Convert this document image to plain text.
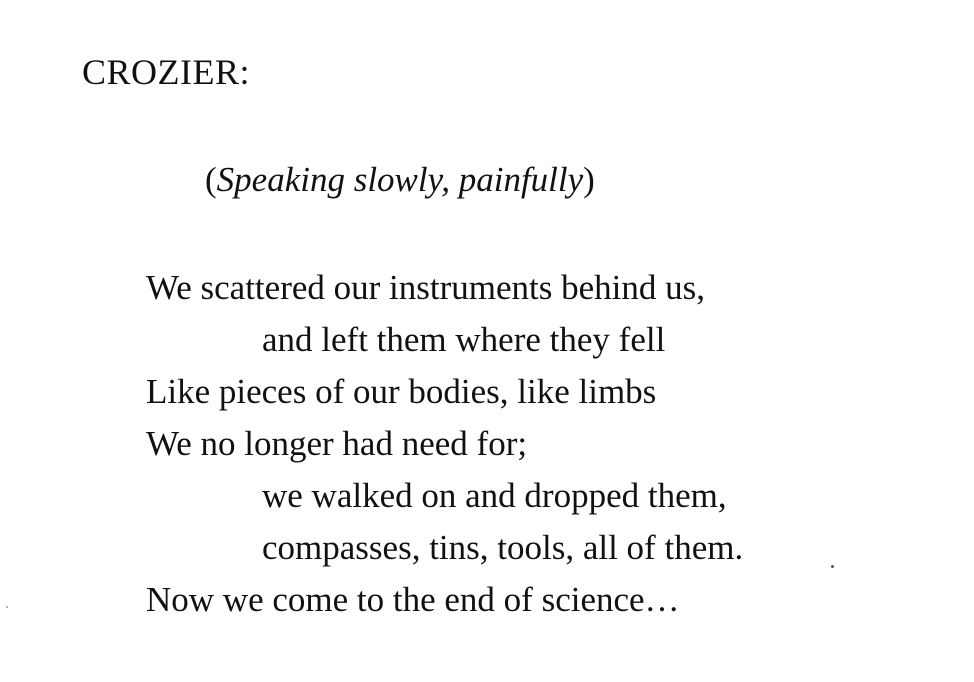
CROZIER:
(Speaking slowly, painfully)
We scattered our instruments behind us,
and left them where they fell
Like pieces of our bodies, like limbs
We no longer had need for;
we walked on and dropped them,
compasses, tins, tools, all of them.
Now we come to the end of science…
